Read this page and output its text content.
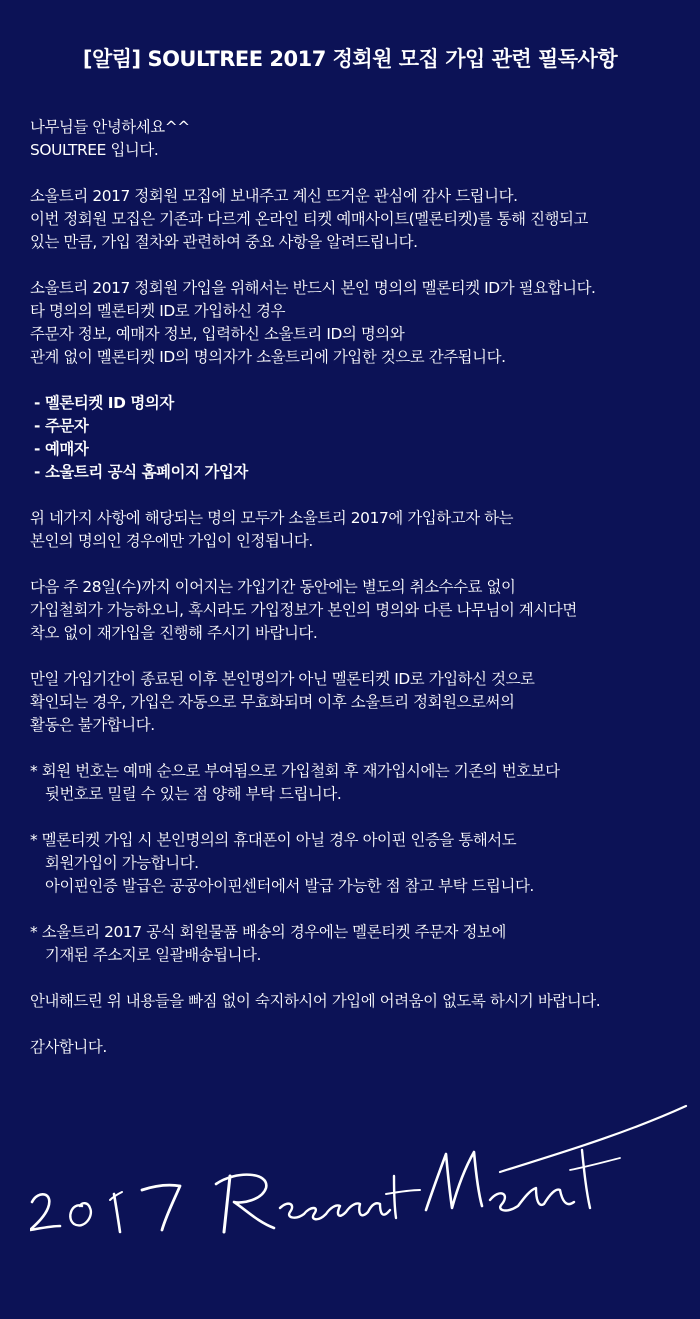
[알림] SOULTREE 2017 정회원 모집 가입 관련 필독사항
나무님들 안녕하세요^^
SOULTREE 입니다.
소울트리 2017 정회원 모집에 보내주고 계신 뜨거운 관심에 감사 드립니다.
이번 정회원 모집은 기존과 다르게 온라인 티켓 예매사이트(멜론티켓)를 통해 진행되고
있는 만큼, 가입 절차와 관련하여 중요 사항을 알려드립니다.
소울트리 2017 정회원 가입을 위해서는 반드시 본인 명의의 멜론티켓 ID가 필요합니다.
타 명의의 멜론티켓 ID로 가입하신 경우
주문자 정보, 예매자 정보, 입력하신 소울트리 ID의 명의와
관계 없이 멜론티켓 ID의 명의자가 소울트리에 가입한 것으로 간주됩니다.
- 멜론티켓 ID 명의자
- 주문자
- 예매자
- 소울트리 공식 홈페이지 가입자
위 네가지 사항에 해당되는 명의 모두가 소울트리 2017에 가입하고자 하는
본인의 명의인 경우에만 가입이 인정됩니다.
다음 주 28일(수)까지 이어지는 가입기간 동안에는 별도의 취소수수료 없이
가입철회가 가능하오니, 혹시라도 가입정보가 본인의 명의와 다른 나무님이 계시다면
착오 없이 재가입을 진행해 주시기 바랍니다.
만일 가입기간이 종료된 이후 본인명의가 아닌 멜론티켓 ID로 가입하신 것으로
확인되는 경우, 가입은 자동으로 무효화되며 이후 소울트리 정회원으로써의
활동은 불가합니다.
* 회원 번호는 예매 순으로 부여됨으로 가입철회 후 재가입시에는 기존의 번호보다
뒷번호로 밀릴 수 있는 점 양해 부탁 드립니다.
* 멜론티켓 가입 시 본인명의의 휴대폰이 아닐 경우 아이핀 인증을 통해서도
회원가입이 가능합니다.
아이핀인증 발급은 공공아이핀센터에서 발급 가능한 점 참고 부탁 드립니다.
* 소울트리 2017 공식 회원물품 배송의 경우에는 멜론티켓 주문자 정보에
기재된 주소지로 일괄배송됩니다.
안내해드린 위 내용들을 빠짐 없이 숙지하시어 가입에 어려움이 없도록 하시기 바랍니다.
감사합니다.
